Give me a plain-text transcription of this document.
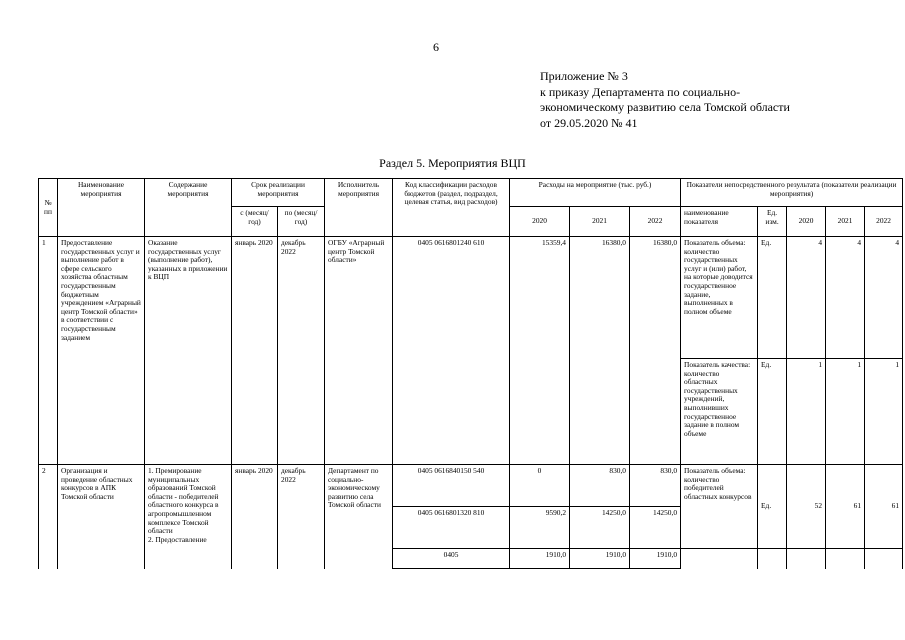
6
Приложение № 3
к приказу Департамента по социально-
экономическому развитию села Томской области
от 29.05.2020 № 41
Раздел 5. Мероприятия ВЦП
№ пп	Наименование мероприятия	Содержание мероприятия	Срок реализации мероприятия		Исполнитель мероприятия	Код классификации расходов бюджетов (раздел, подраздел, целевая статья, вид расходов)	Расходы на мероприятие (тыс. руб.)			Показатели непосредственного результата (показатели реализации мероприятия)				
			с (месяц/ год)	по (месяц/ год)			2020	2021	2022	наименование показателя	Ед. изм.	2020	2021	2022
1	Предоставление государственных услуг и выполнение работ в сфере сельского хозяйства областным государственным бюджетным учреждением «Аграрный центр Томской области» в соответствии с государственным заданием	Оказание государственных услуг (выполнение работ), указанных в приложении к ВЦП	январь 2020	декабрь 2022	ОГБУ «Аграрный центр Томской области»	0405 0616801240 610	15359,4	16380,0	16380,0	Показатель объема: количество государственных услуг и (или) работ, на которые доводится государственное задание, выполненных в полном объеме	Ед.	4	4	4
										Показатель качества: количество областных государственных учреждений, выполнивших государственное задание в полном объеме	Ед.	1	1	1
2	Организация и проведение областных конкурсов в АПК Томской области	1. Премирование муниципальных образований Томской области - победителей областного конкурса в агропромышленном комплексе Томской области
2. Предоставление	январь 2020	декабрь 2022	Департамент по социально-экономическому развитию села Томской области	0405 0616840150 540	0	830,0	830,0	Показатель объема: количество победителей областных конкурсов	Ед.	52	61	61
						0405 0616801320 810	9590,2	14250,0	14250,0					
						0405	1910,0	1910,0	1910,0					
